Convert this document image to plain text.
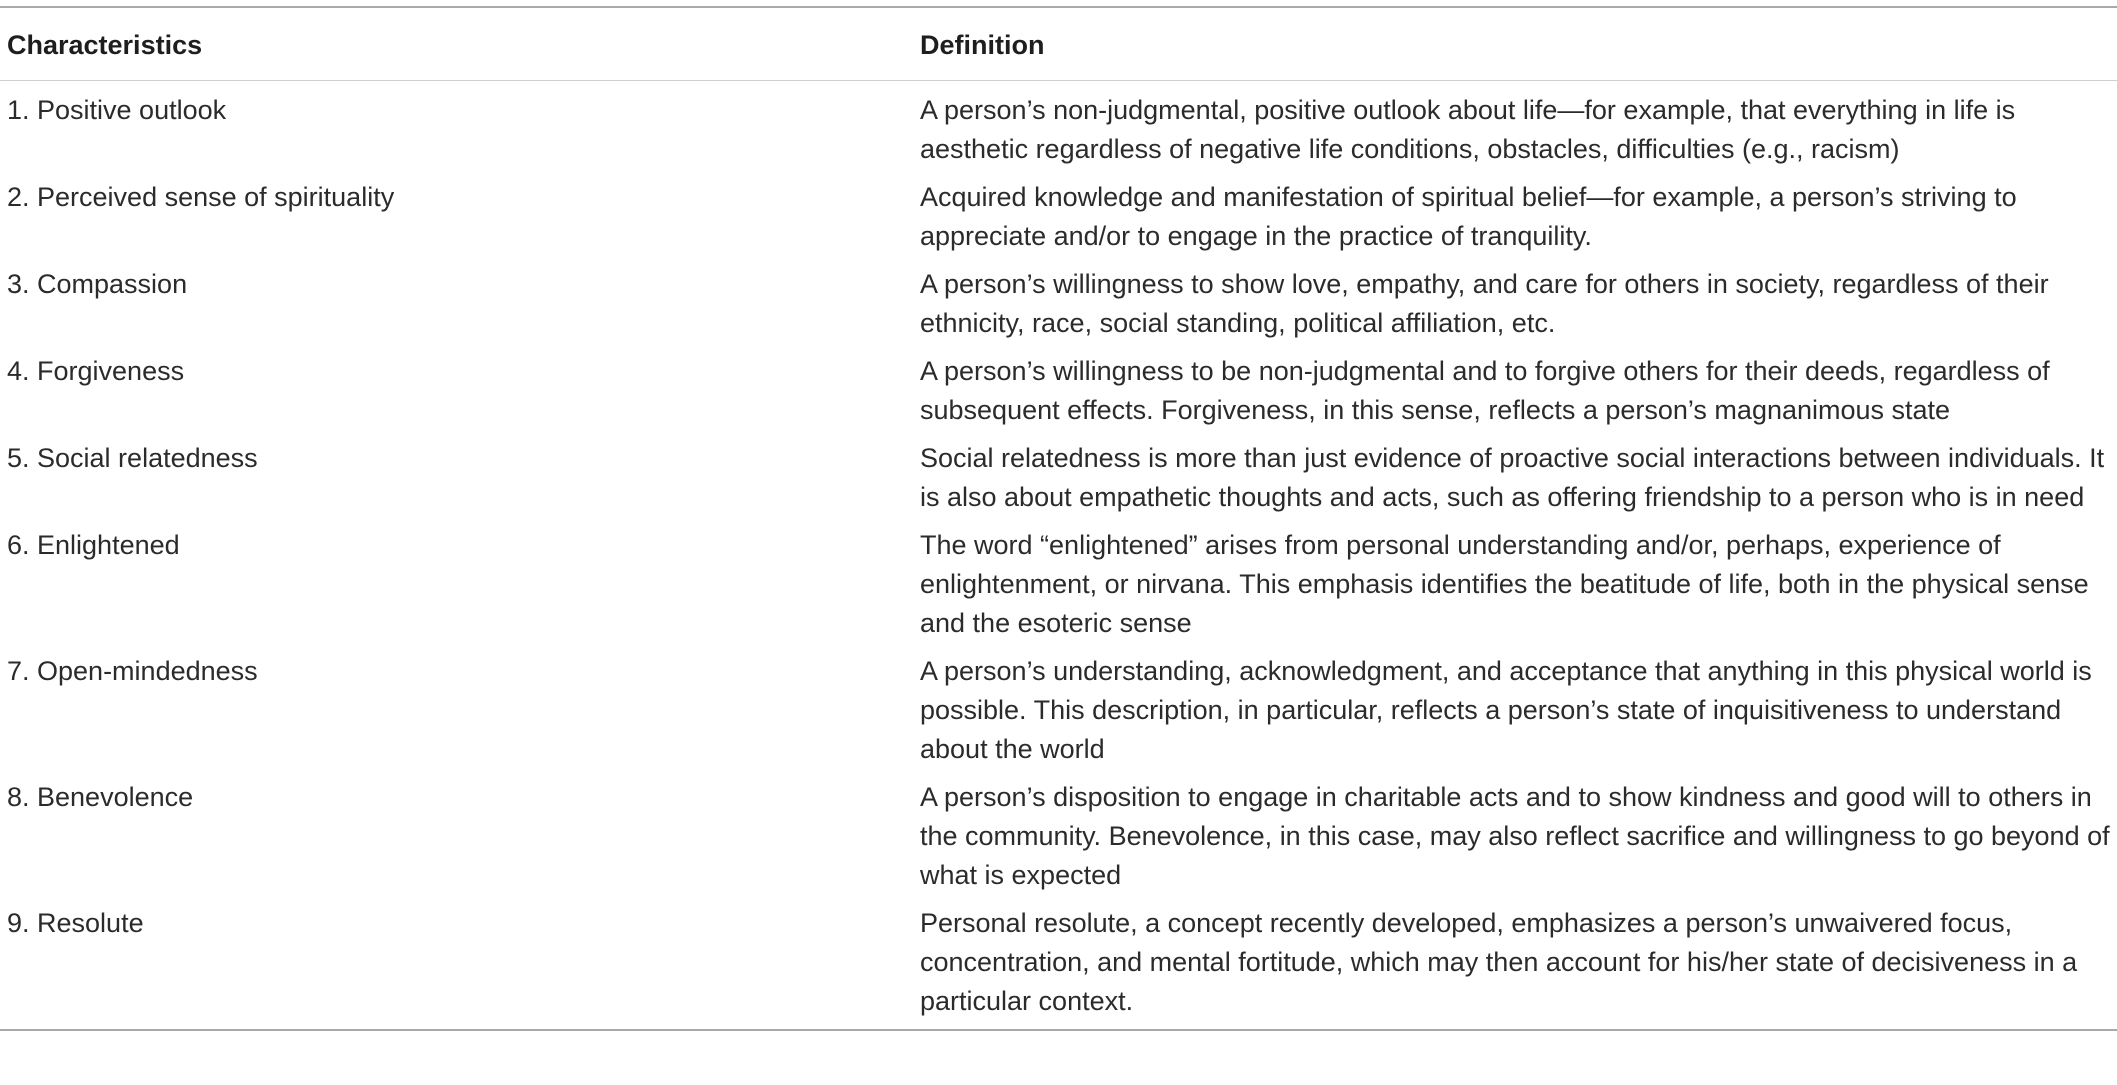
Characteristics	Definition
1. Positive outlook	A person’s non-judgmental, positive outlook about life—for example, that everything in life is aesthetic regardless of negative life conditions, obstacles, difficulties (e.g., racism)
2. Perceived sense of spirituality	Acquired knowledge and manifestation of spiritual belief—for example, a person’s striving to appreciate and/or to engage in the practice of tranquility.
3. Compassion	A person’s willingness to show love, empathy, and care for others in society, regardless of their ethnicity, race, social standing, political affiliation, etc.
4. Forgiveness	A person’s willingness to be non-judgmental and to forgive others for their deeds, regardless of subsequent effects. Forgiveness, in this sense, reflects a person’s magnanimous state
5. Social relatedness	Social relatedness is more than just evidence of proactive social interactions between individuals. It is also about empathetic thoughts and acts, such as offering friendship to a person who is in need
6. Enlightened	The word “enlightened” arises from personal understanding and/or, perhaps, experience of enlightenment, or nirvana. This emphasis identifies the beatitude of life, both in the physical sense and the esoteric sense
7. Open-mindedness	A person’s understanding, acknowledgment, and acceptance that anything in this physical world is possible. This description, in particular, reflects a person’s state of inquisitiveness to understand about the world
8. Benevolence	A person’s disposition to engage in charitable acts and to show kindness and good will to others in the community. Benevolence, in this case, may also reflect sacrifice and willingness to go beyond of what is expected
9. Resolute	Personal resolute, a concept recently developed, emphasizes a person’s unwaivered focus, concentration, and mental fortitude, which may then account for his/her state of decisiveness in a particular context.
